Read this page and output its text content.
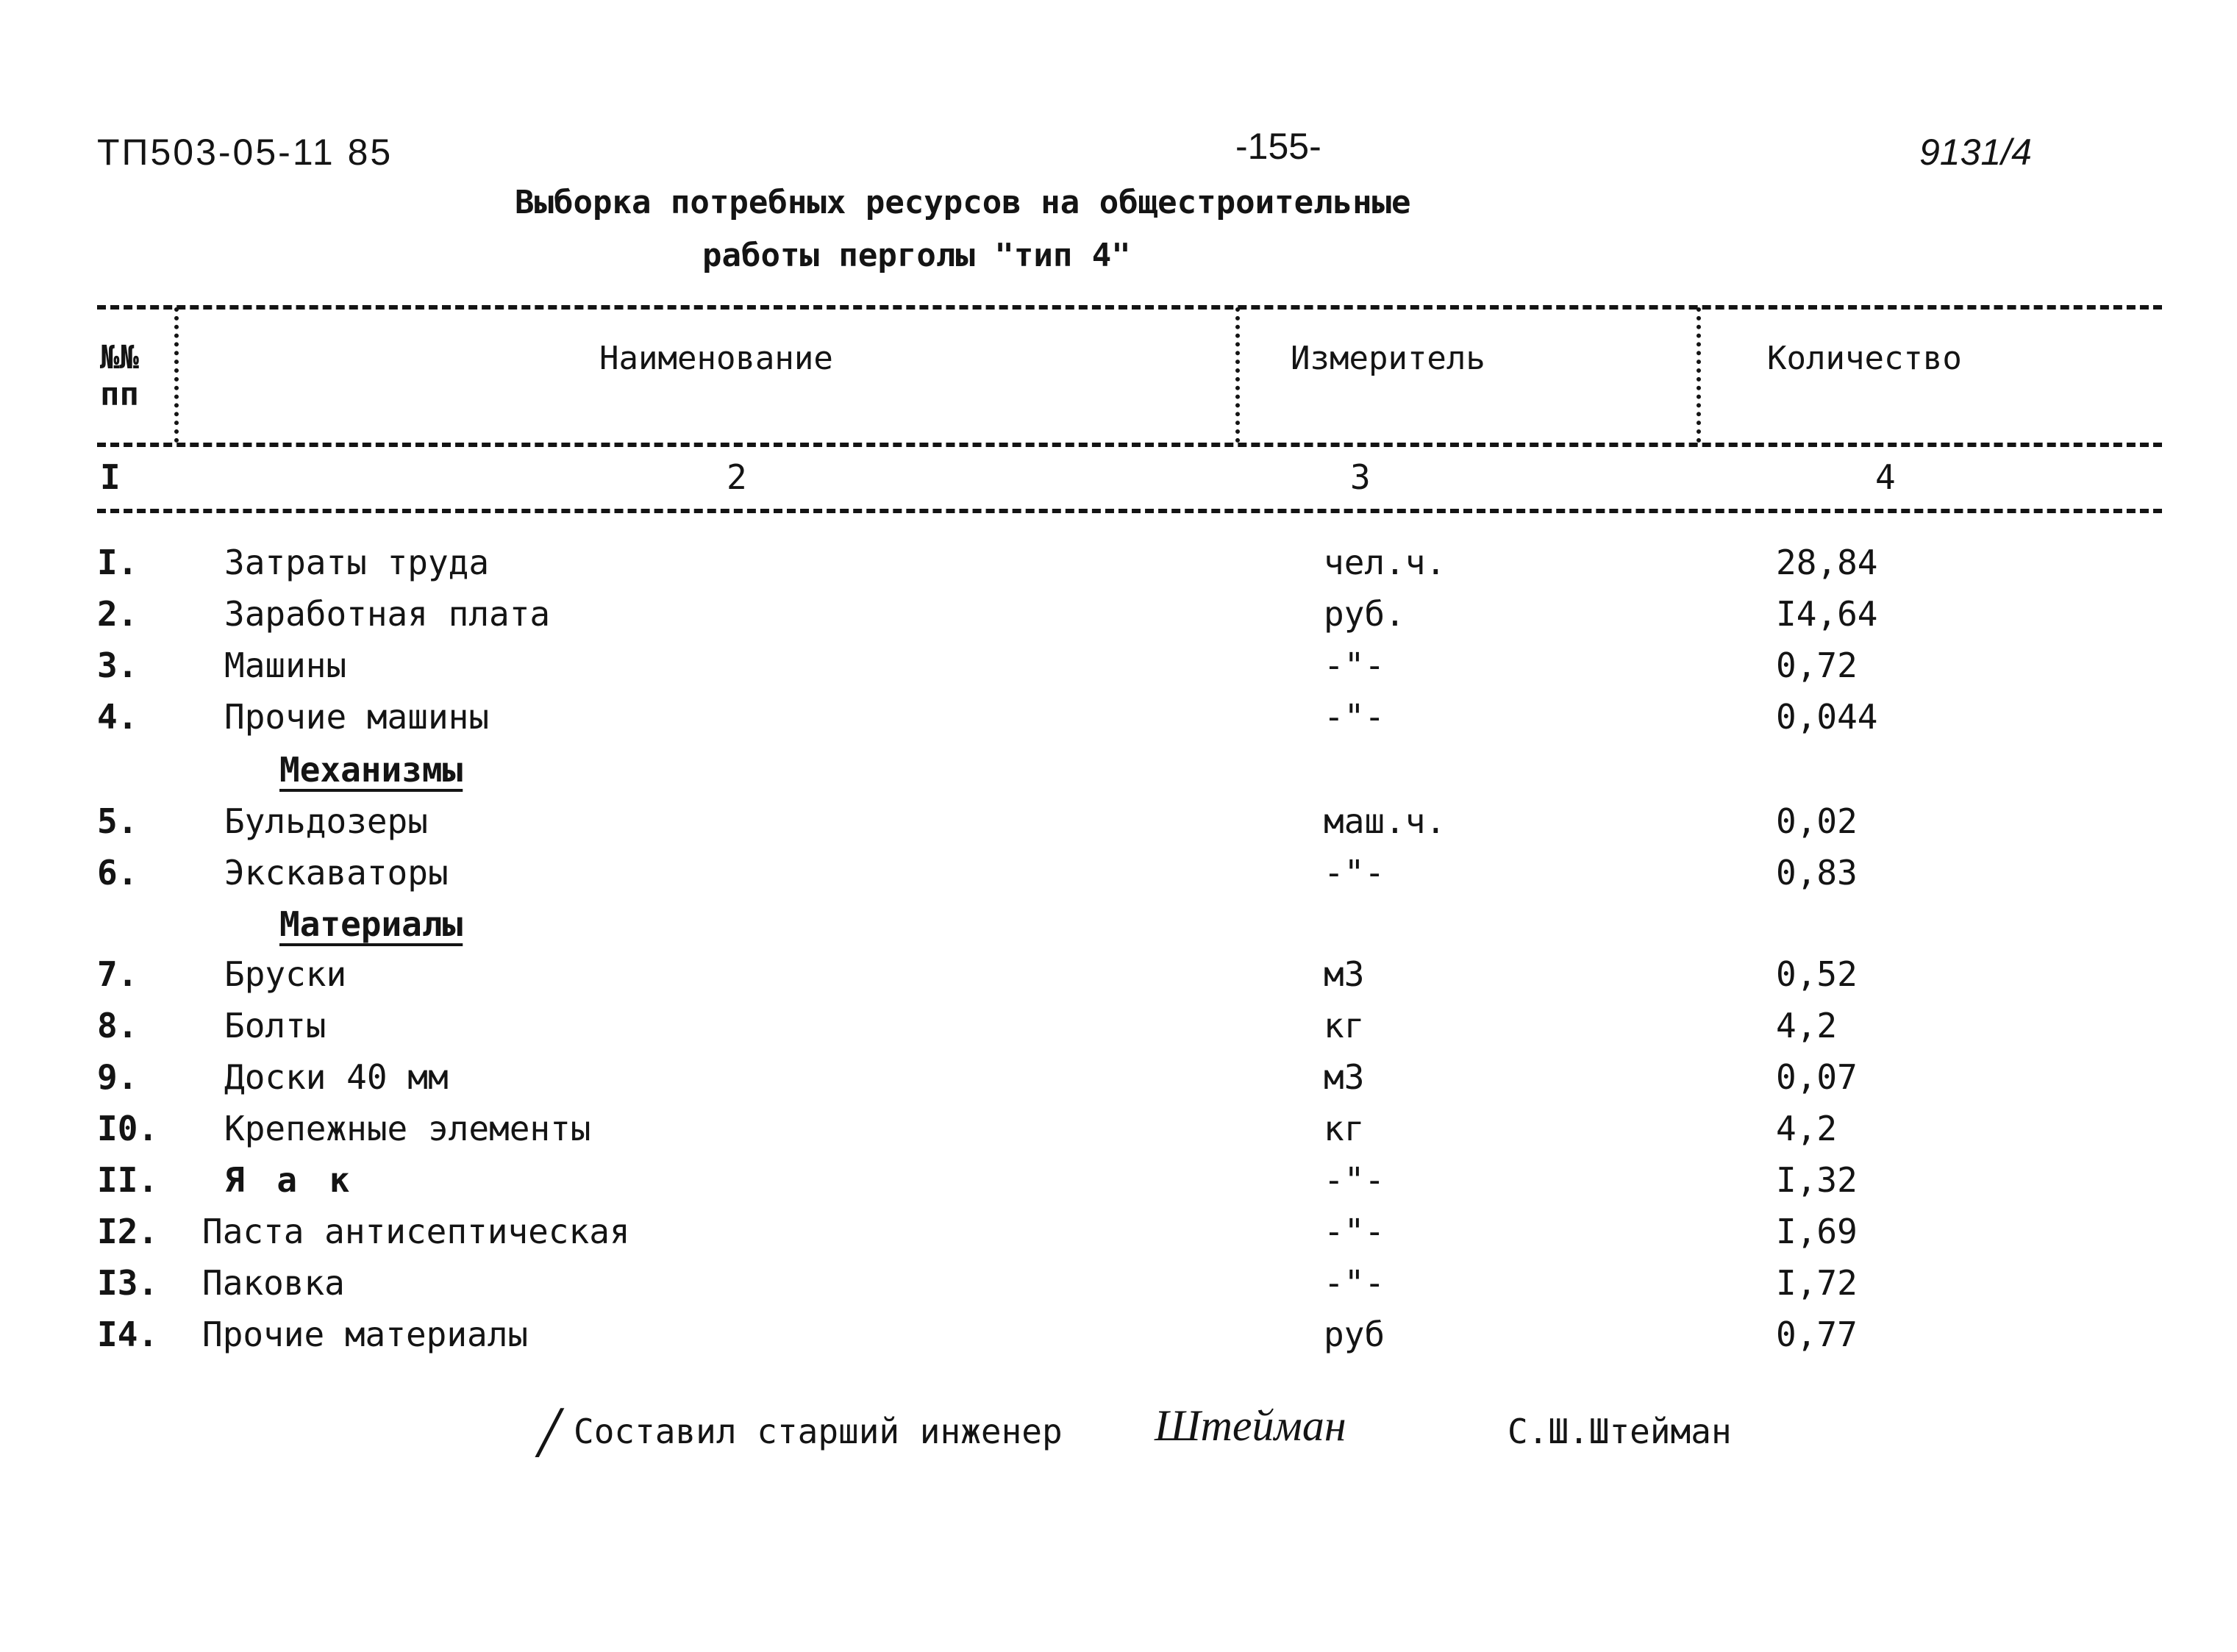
ТП503-05-11 85	-155-	9131/4
Выборка потребных ресурсов на общестроительные
работы перголы "тип 4"
№№ пп
Наименование	Измеритель	Количество
I	2	3	4
I.	Затраты труда	чел.ч.	28,84
2.	Заработная плата	руб.	I4,64
3.	Машины	-"-	0,72
4.	Прочие машины	-"-	0,044
Механизмы
5.	Бульдозеры	маш.ч.	0,02
6.	Экскаваторы	-"-	0,83
Материалы
7.	Бруски	м3	0,52
8.	Болты	кг	4,2
9.	Доски 40 мм	м3	0,07
I0. Крепежные элементы	кг	4,2
II. Я а к	-"-	I,32
I2. Паста антисептическая	-"-	I,69
I3. Паковка	-"-	I,72
I4. Прочие материалы	руб	0,77
/ Составил старший инженер Штейман	С.Ш.Штейман
